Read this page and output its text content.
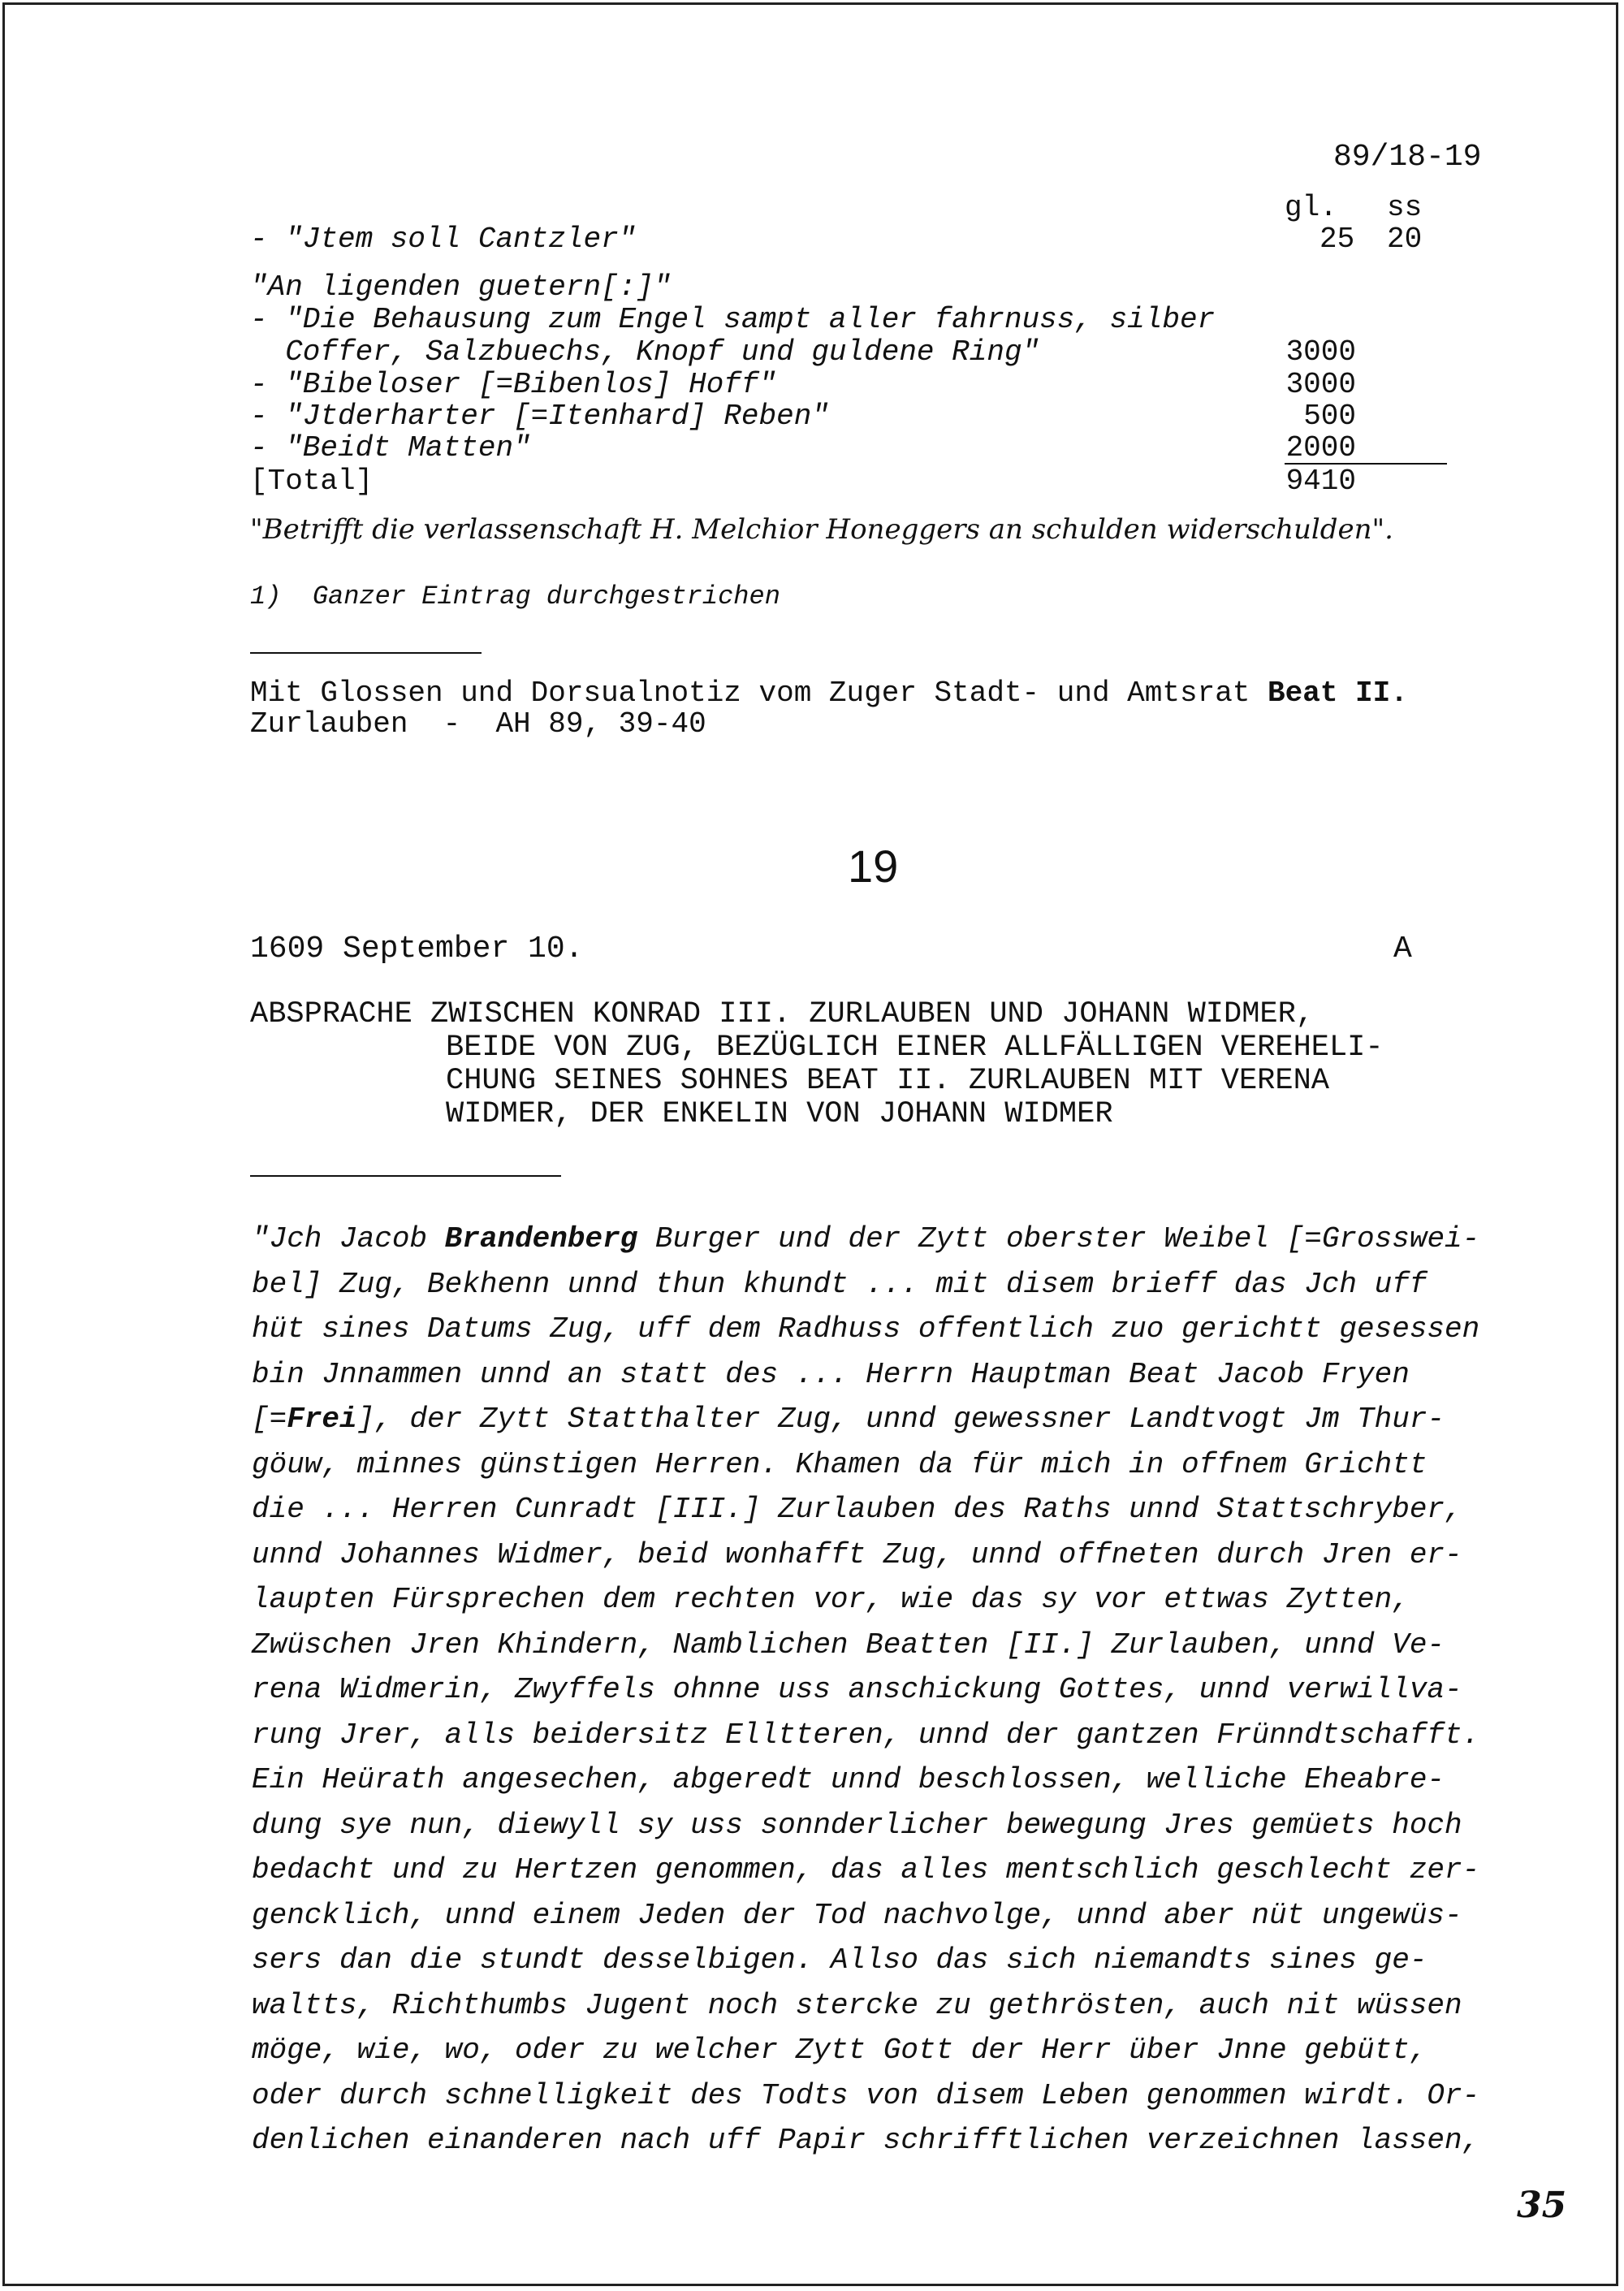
89/18-19
gl. ss
- "Jtem soll Cantzler"	25 20
"An ligenden guetern[:]"
- "Die Behausung zum Engel sampt aller fahrnuss, silber
Coffer, Salzbuechs, Knopf und guldene Ring"	3000
- "Bibeloser [=Bibenlos] Hoff"	3000
- "Jtderharter [=Itenhard] Reben"	500
- "Beidt Matten"	2000
[Total]	9410
"Betrifft die verlassenschaft H. Melchior Honeggers an schulden widerschulden".
1)  Ganzer Eintrag durchgestrichen
Mit Glossen und Dorsualnotiz vom Zuger Stadt- und Amtsrat Beat II.
Zurlauben  -  AH 89, 39-40
19
1609 September 10.	A
ABSPRACHE ZWISCHEN KONRAD III. ZURLAUBEN UND JOHANN WIDMER,
BEIDE VON ZUG, BEZÜGLICH EINER ALLFÄLLIGEN VEREHELI-
CHUNG SEINES SOHNES BEAT II. ZURLAUBEN MIT VERENA
WIDMER, DER ENKELIN VON JOHANN WIDMER
"Jch Jacob Brandenberg Burger und der Zytt oberster Weibel [=Grosswei-
bel] Zug, Bekhenn unnd thun khundt ... mit disem brieff das Jch uff
hüt sines Datums Zug, uff dem Radhuss offentlich zuo gerichtt gesessen
bin Jnnammen unnd an statt des ... Herrn Hauptman Beat Jacob Fryen
[=Frei], der Zytt Statthalter Zug, unnd gewessner Landtvogt Jm Thur-
göuw, minnes günstigen Herren. Khamen da für mich in offnem Grichtt
die ... Herren Cunradt [III.] Zurlauben des Raths unnd Stattschryber,
unnd Johannes Widmer, beid wonhafft Zug, unnd offneten durch Jren er-
laupten Fürsprechen dem rechten vor, wie das sy vor ettwas Zytten,
Zwüschen Jren Khindern, Namblichen Beatten [II.] Zurlauben, unnd Ve-
rena Widmerin, Zwyffels ohnne uss anschickung Gottes, unnd verwillva-
rung Jrer, alls beidersitz Elltteren, unnd der gantzen Frünndtschafft.
Ein Heürath angesechen, abgeredt unnd beschlossen, welliche Eheabre-
dung sye nun, diewyll sy uss sonnderlicher bewegung Jres gemüets hoch
bedacht und zu Hertzen genommen, das alles mentschlich geschlecht zer-
gencklich, unnd einem Jeden der Tod nachvolge, unnd aber nüt ungewüs-
sers dan die stundt desselbigen. Allso das sich niemandts sines ge-
waltts, Richthumbs Jugent noch stercke zu gethrösten, auch nit wüssen
möge, wie, wo, oder zu welcher Zytt Gott der Herr über Jnne gebütt,
oder durch schnelligkeit des Todts von disem Leben genommen wirdt. Or-
denlichen einanderen nach uff Papir schrifftlichen verzeichnen lassen,
35
